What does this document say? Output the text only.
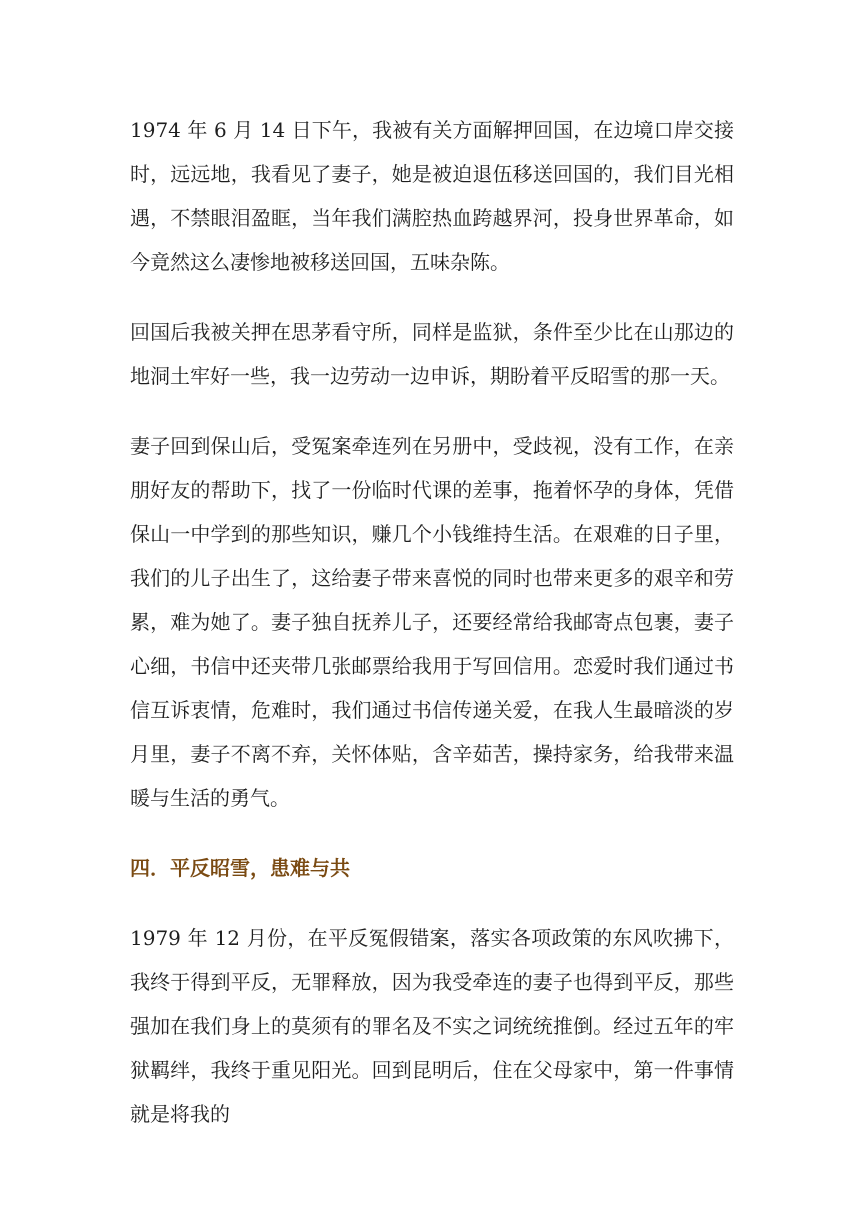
1974 年 6 月 14 日下午，我被有关方面解押回国，在边境口岸交接时，远远地，我看见了妻子，她是被迫退伍移送回国的，我们目光相遇，不禁眼泪盈眶，当年我们满腔热血跨越界河，投身世界革命，如今竟然这么凄惨地被移送回国，五味杂陈。

回国后我被关押在思茅看守所，同样是监狱，条件至少比在山那边的地洞土牢好一些，我一边劳动一边申诉，期盼着平反昭雪的那一天。

妻子回到保山后，受冤案牵连列在另册中，受歧视，没有工作，在亲朋好友的帮助下，找了一份临时代课的差事，拖着怀孕的身体，凭借保山一中学到的那些知识，赚几个小钱维持生活。在艰难的日子里，我们的儿子出生了，这给妻子带来喜悦的同时也带来更多的艰辛和劳累，难为她了。妻子独自抚养儿子，还要经常给我邮寄点包裹，妻子心细，书信中还夹带几张邮票给我用于写回信用。恋爱时我们通过书信互诉衷情，危难时，我们通过书信传递关爱，在我人生最暗淡的岁月里，妻子不离不弃，关怀体贴，含辛茹苦，操持家务，给我带来温暖与生活的勇气。

四．平反昭雪，患难与共

1979 年 12 月份，在平反冤假错案，落实各项政策的东风吹拂下，我终于得到平反，无罪释放，因为我受牵连的妻子也得到平反，那些强加在我们身上的莫须有的罪名及不实之词统统推倒。经过五年的牢狱羁绊，我终于重见阳光。回到昆明后，住在父母家中，第一件事情就是将我的
